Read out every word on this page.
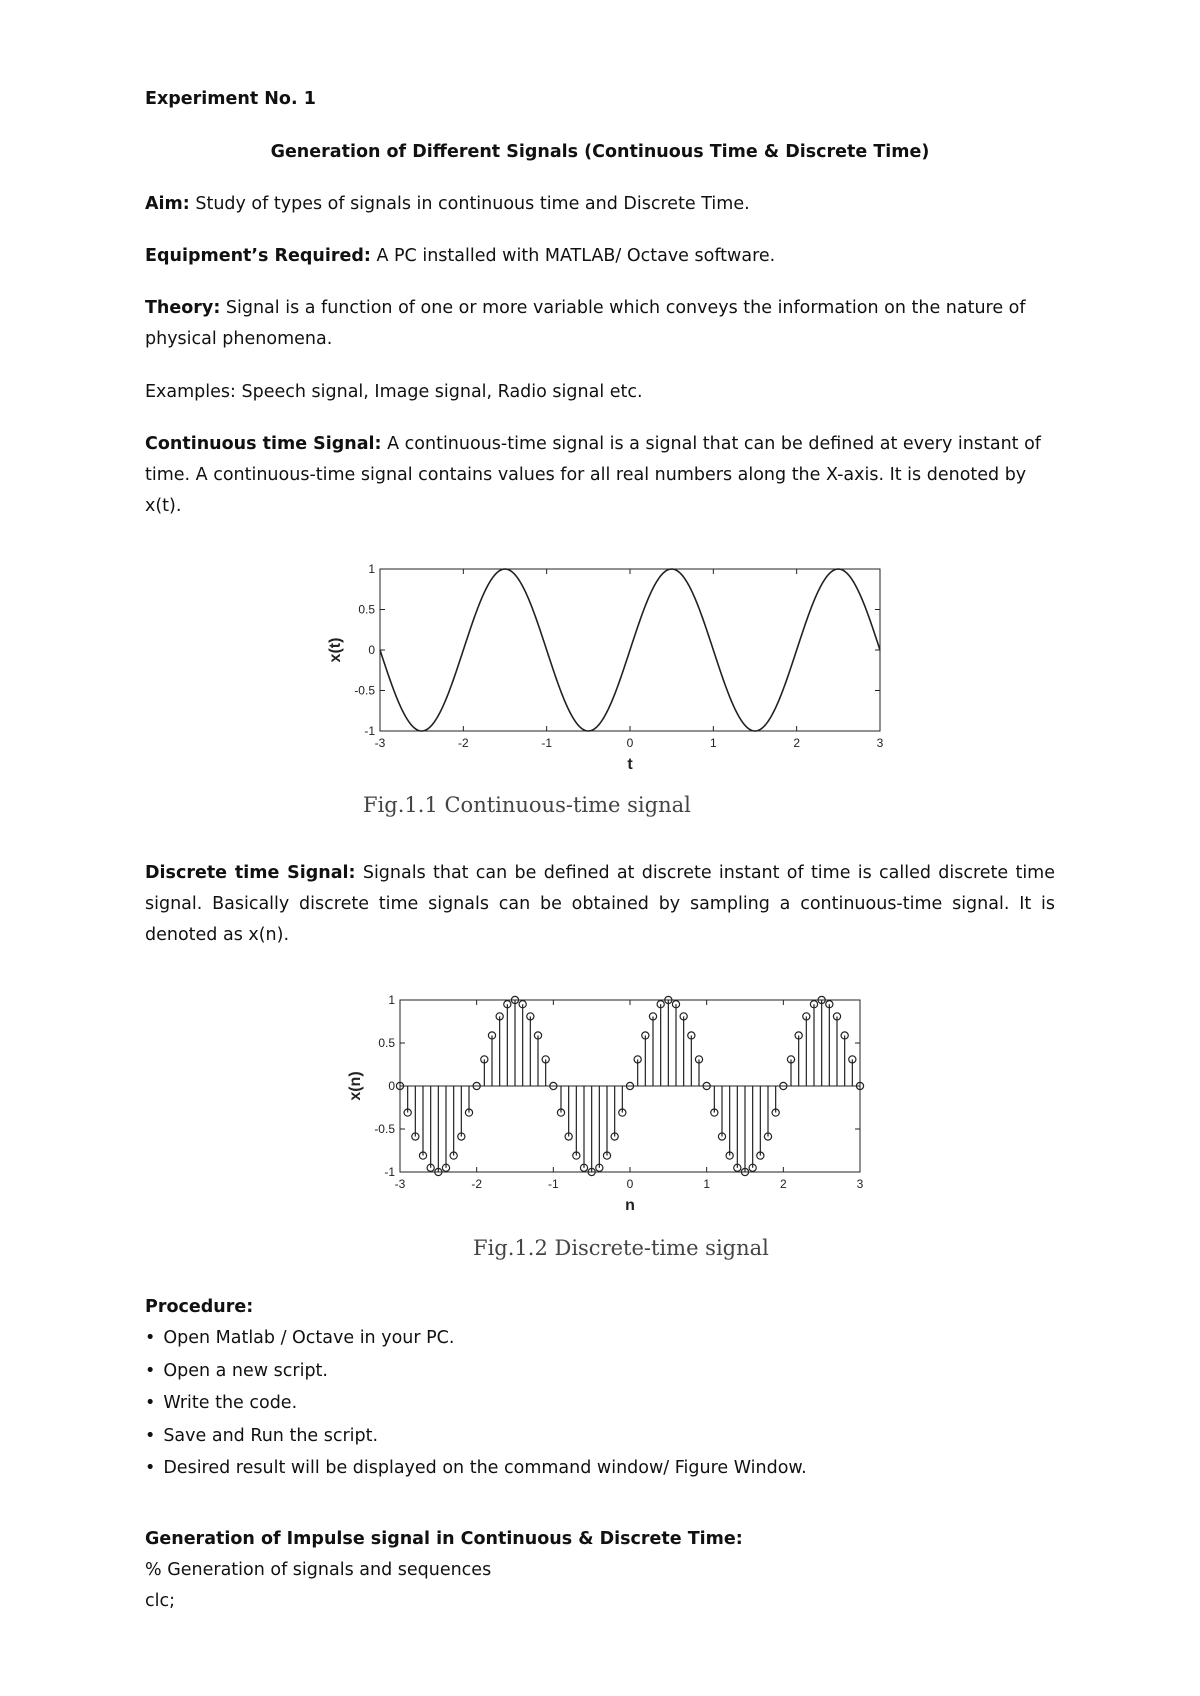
Experiment No. 1

Generation of Different Signals (Continuous Time & Discrete Time)

Aim: Study of types of signals in continuous time and Discrete Time.

Equipment’s Required: A PC installed with MATLAB/ Octave software.

Theory: Signal is a function of one or more variable which conveys the information on the nature of physical phenomena.

Examples: Speech signal, Image signal, Radio signal etc.

Continuous time Signal: A continuous-time signal is a signal that can be defined at every instant of time. A continuous-time signal contains values for all real numbers along the X-axis. It is denoted by x(t).

-3	-2	-1	0	1	2	3
-1
-0.5
0
0.5
1
t
x(t)
Fig.1.1 Continuous-time signal

Discrete time Signal: Signals that can be defined at discrete instant of time is called discrete time signal. Basically discrete time signals can be obtained by sampling a continuous-time signal. It is denoted as x(n).

-3	-2	-1	0	1	2	3
-1
-0.5
0
0.5
1
n
x(n)
Fig.1.2 Discrete-time signal

Procedure:

• Open Matlab / Octave in your PC.
• Open a new script.
• Write the code.
• Save and Run the script.
• Desired result will be displayed on the command window/ Figure Window.

Generation of Impulse signal in Continuous & Discrete Time:

% Generation of signals and sequences

clc;
